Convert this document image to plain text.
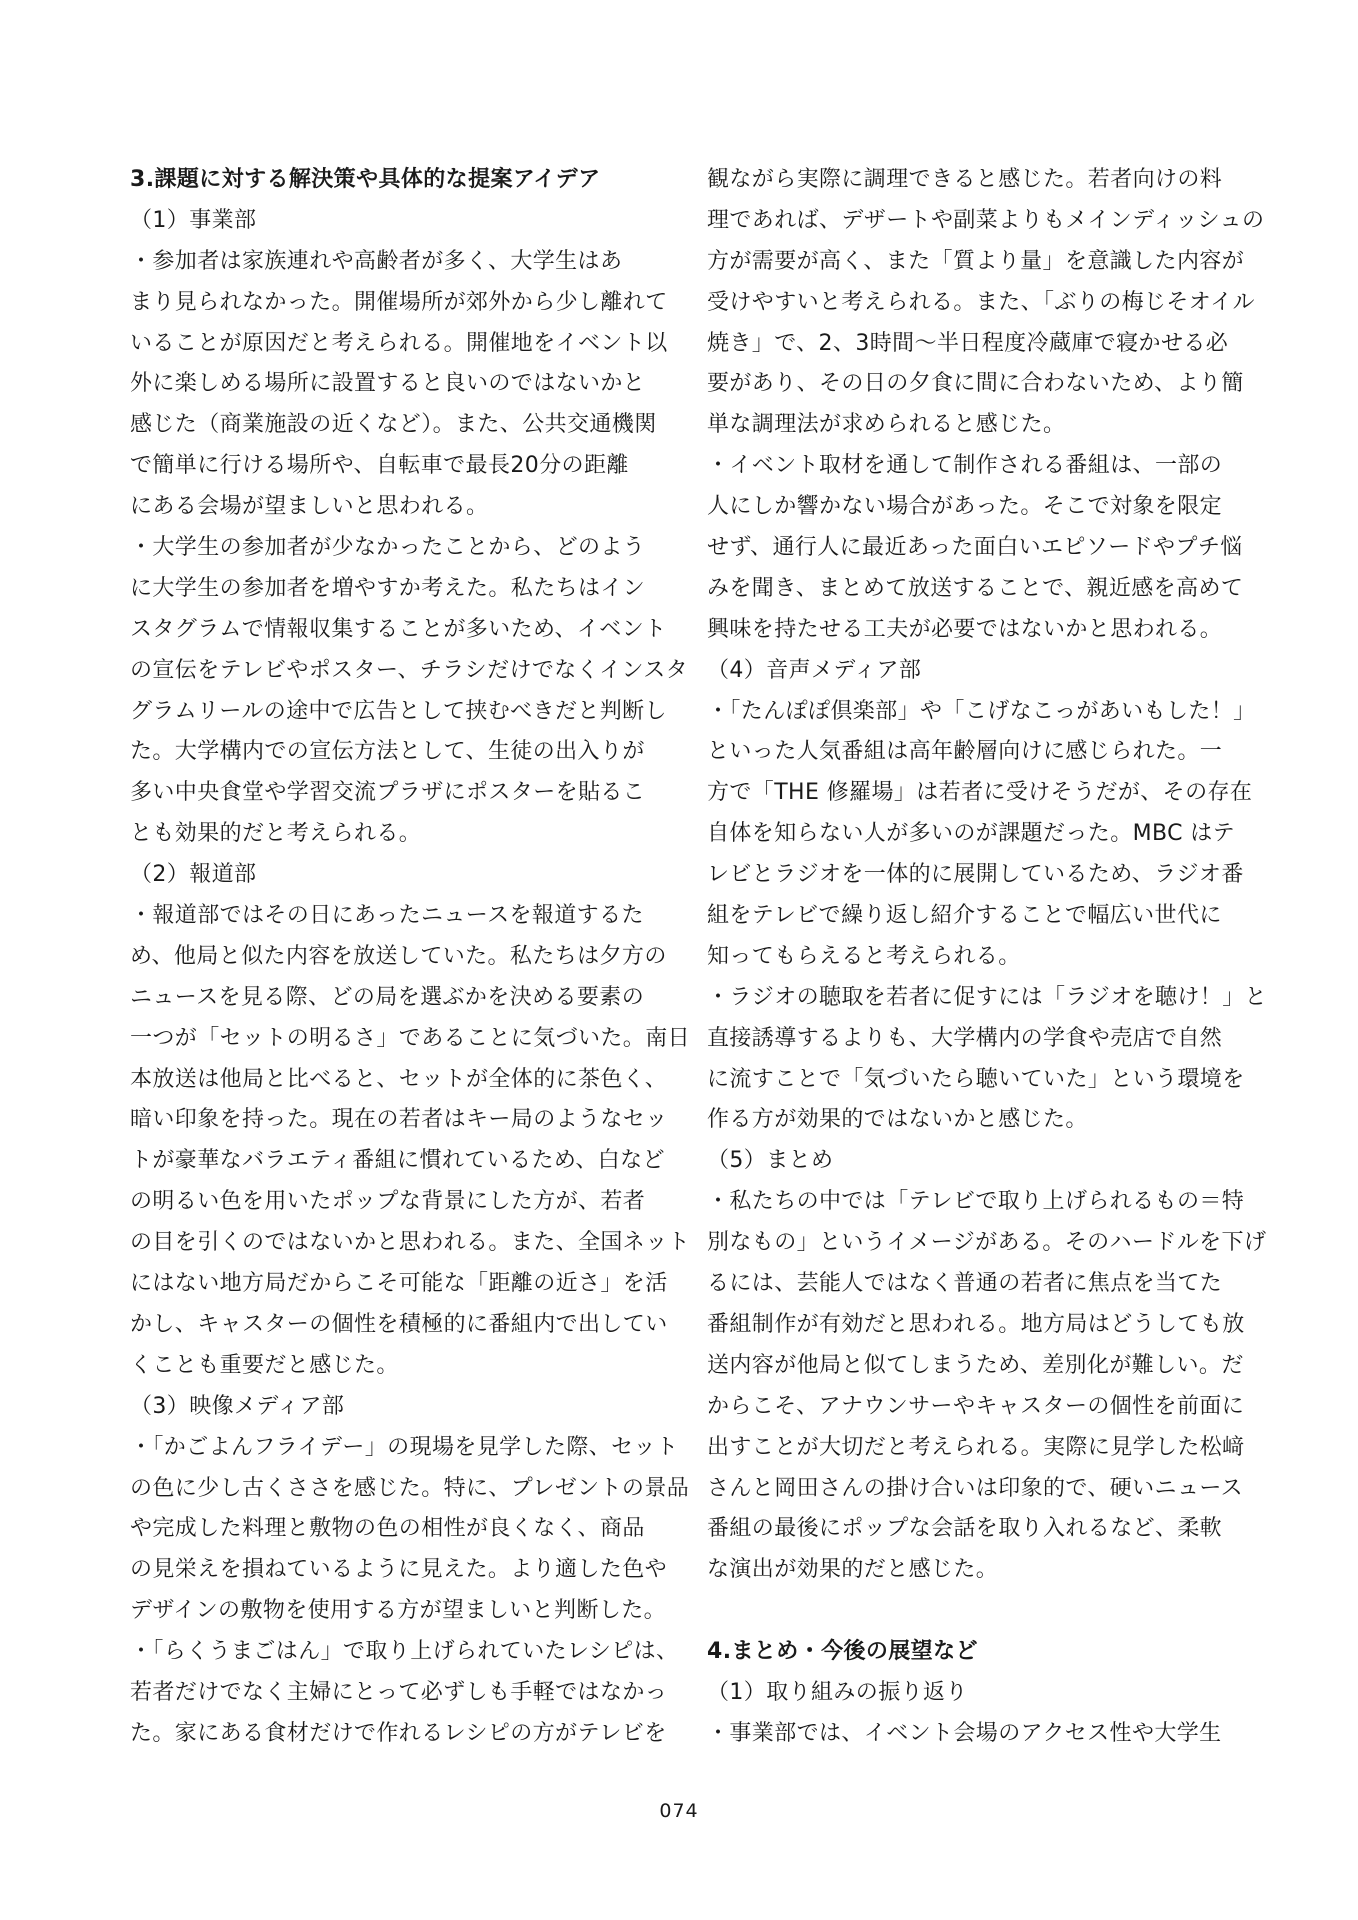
3.課題に対する解決策や具体的な提案アイデア
（1）事業部
・参加者は家族連れや高齢者が多く、大学生はあ
まり見られなかった。開催場所が郊外から少し離れて
いることが原因だと考えられる。開催地をイベント以
外に楽しめる場所に設置すると良いのではないかと
感じた（商業施設の近くなど）。また、公共交通機関
で簡単に行ける場所や、自転車で最長20分の距離
にある会場が望ましいと思われる。
・大学生の参加者が少なかったことから、どのよう
に大学生の参加者を増やすか考えた。私たちはイン
スタグラムで情報収集することが多いため、イベント
の宣伝をテレビやポスター、チラシだけでなくインスタ
グラムリールの途中で広告として挟むべきだと判断し
た。大学構内での宣伝方法として、生徒の出入りが
多い中央食堂や学習交流プラザにポスターを貼るこ
とも効果的だと考えられる。
（2）報道部
・報道部ではその日にあったニュースを報道するた
め、他局と似た内容を放送していた。私たちは夕方の
ニュースを見る際、どの局を選ぶかを決める要素の
一つが「セットの明るさ」であることに気づいた。南日
本放送は他局と比べると、セットが全体的に茶色く、
暗い印象を持った。現在の若者はキー局のようなセッ
トが豪華なバラエティ番組に慣れているため、白など
の明るい色を用いたポップな背景にした方が、若者
の目を引くのではないかと思われる。また、全国ネット
にはない地方局だからこそ可能な「距離の近さ」を活
かし、キャスターの個性を積極的に番組内で出してい
くことも重要だと感じた。
（3）映像メディア部
・「かごよんフライデー」の現場を見学した際、セット
の色に少し古くささを感じた。特に、プレゼントの景品
や完成した料理と敷物の色の相性が良くなく、商品
の見栄えを損ねているように見えた。より適した色や
デザインの敷物を使用する方が望ましいと判断した。
・「らくうまごはん」で取り上げられていたレシピは、
若者だけでなく主婦にとって必ずしも手軽ではなかっ
た。家にある食材だけで作れるレシピの方がテレビを
観ながら実際に調理できると感じた。若者向けの料
理であれば、デザートや副菜よりもメインディッシュの
方が需要が高く、また「質より量」を意識した内容が
受けやすいと考えられる。また、「ぶりの梅じそオイル
焼き」で、2、3時間～半日程度冷蔵庫で寝かせる必
要があり、その日の夕食に間に合わないため、より簡
単な調理法が求められると感じた。
・イベント取材を通して制作される番組は、一部の
人にしか響かない場合があった。そこで対象を限定
せず、通行人に最近あった面白いエピソードやプチ悩
みを聞き、まとめて放送することで、親近感を高めて
興味を持たせる工夫が必要ではないかと思われる。
（4）音声メディア部
・「たんぽぽ倶楽部」や「こげなこっがあいもした！」
といった人気番組は高年齢層向けに感じられた。一
方で「THE 修羅場」は若者に受けそうだが、その存在
自体を知らない人が多いのが課題だった。MBC はテ
レビとラジオを一体的に展開しているため、ラジオ番
組をテレビで繰り返し紹介することで幅広い世代に
知ってもらえると考えられる。
・ラジオの聴取を若者に促すには「ラジオを聴け！」と
直接誘導するよりも、大学構内の学食や売店で自然
に流すことで「気づいたら聴いていた」という環境を
作る方が効果的ではないかと感じた。
（5）まとめ
・私たちの中では「テレビで取り上げられるもの＝特
別なもの」というイメージがある。そのハードルを下げ
るには、芸能人ではなく普通の若者に焦点を当てた
番組制作が有効だと思われる。地方局はどうしても放
送内容が他局と似てしまうため、差別化が難しい。だ
からこそ、アナウンサーやキャスターの個性を前面に
出すことが大切だと考えられる。実際に見学した松﨑
さんと岡田さんの掛け合いは印象的で、硬いニュース
番組の最後にポップな会話を取り入れるなど、柔軟
な演出が効果的だと感じた。
4.まとめ・今後の展望など
（1）取り組みの振り返り
・事業部では、イベント会場のアクセス性や大学生
074
